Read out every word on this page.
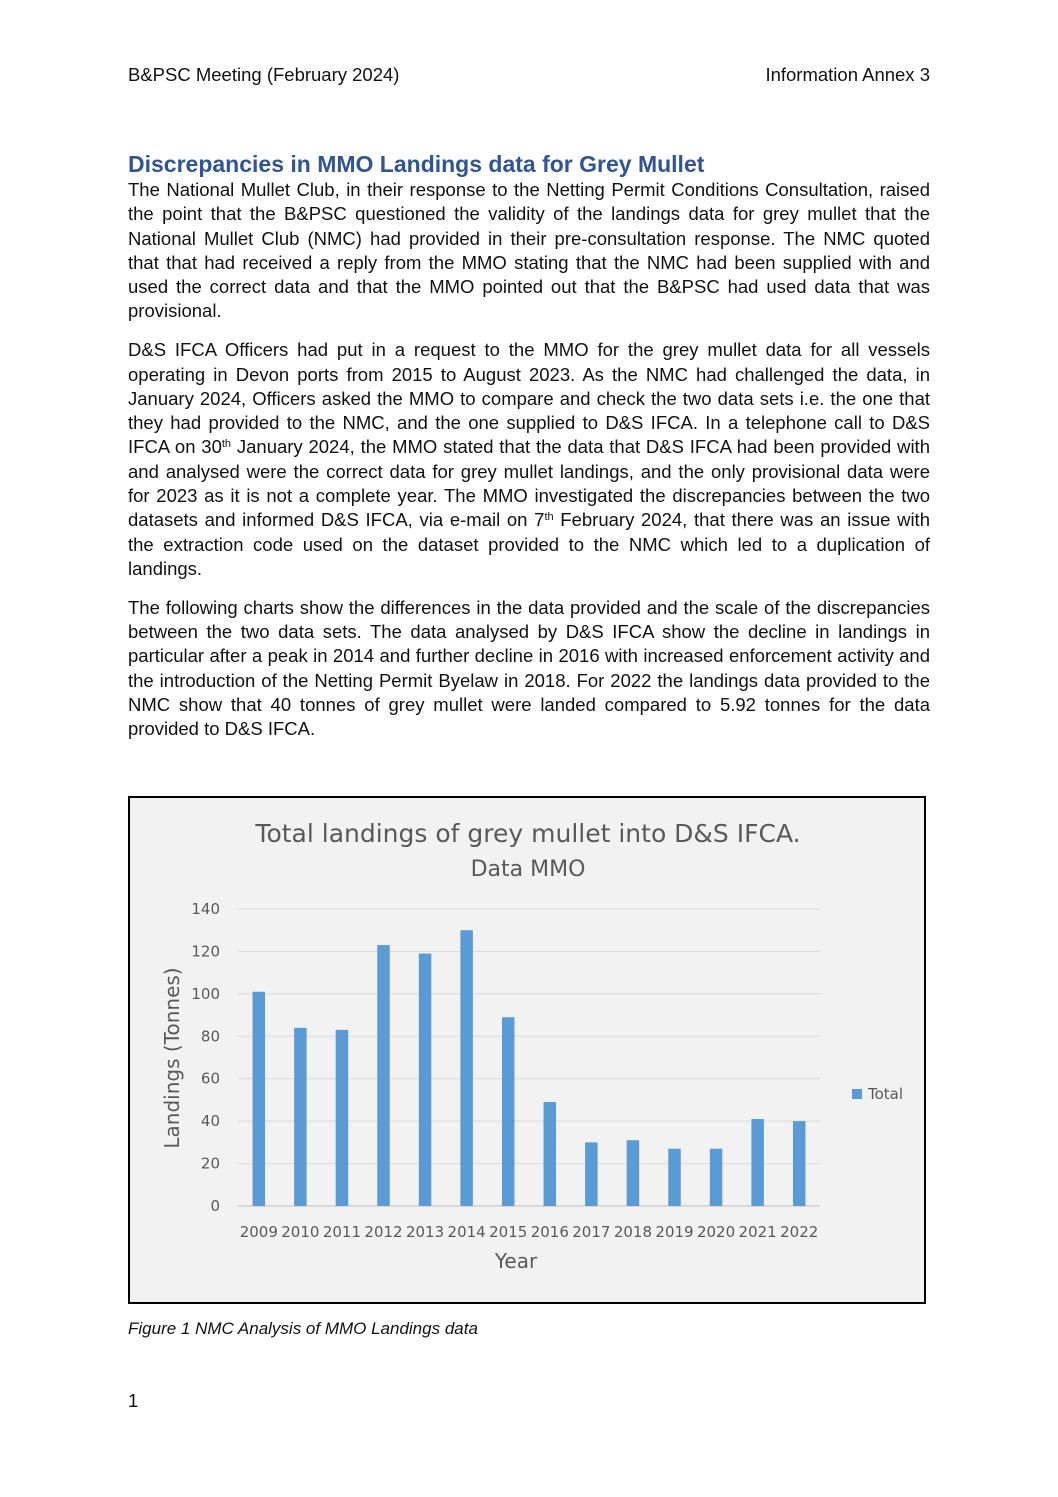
B&PSC Meeting (February 2024)	Information Annex 3
Discrepancies in MMO Landings data for Grey Mullet

The National Mullet Club, in their response to the Netting Permit Conditions Consultation, raised the point that the B&PSC questioned the validity of the landings data for grey mullet that the National Mullet Club (NMC) had provided in their pre-consultation response. The NMC quoted that that had received a reply from the MMO stating that the NMC had been supplied with and used the correct data and that the MMO pointed out that the B&PSC had used data that was provisional.

D&S IFCA Officers had put in a request to the MMO for the grey mullet data for all vessels operating in Devon ports from 2015 to August 2023. As the NMC had challenged the data, in January 2024, Officers asked the MMO to compare and check the two data sets i.e. the one that they had provided to the NMC, and the one supplied to D&S IFCA. In a telephone call to D&S IFCA on 30th January 2024, the MMO stated that the data that D&S IFCA had been provided with and analysed were the correct data for grey mullet landings, and the only provisional data were for 2023 as it is not a complete year. The MMO investigated the discrepancies between the two datasets and informed D&S IFCA, via e-mail on 7th February 2024, that there was an issue with the extraction code used on the dataset provided to the NMC which led to a duplication of landings.

The following charts show the differences in the data provided and the scale of the discrepancies between the two data sets. The data analysed by D&S IFCA show the decline in landings in particular after a peak in 2014 and further decline in 2016 with increased enforcement activity and the introduction of the Netting Permit Byelaw in 2018. For 2022 the landings data provided to the NMC show that 40 tonnes of grey mullet were landed compared to 5.92 tonnes for the data provided to D&S IFCA.

Total landings of grey mullet into D&S IFCA.
Data MMO
0
20
40
60
80
100
120
140
2009 2010 2011 2012 2013 2014 2015 2016 2017 2018 2019 2020 2021 2022
Year
Landings (Tonnes)	Total
Figure 1 NMC Analysis of MMO Landings data
1
